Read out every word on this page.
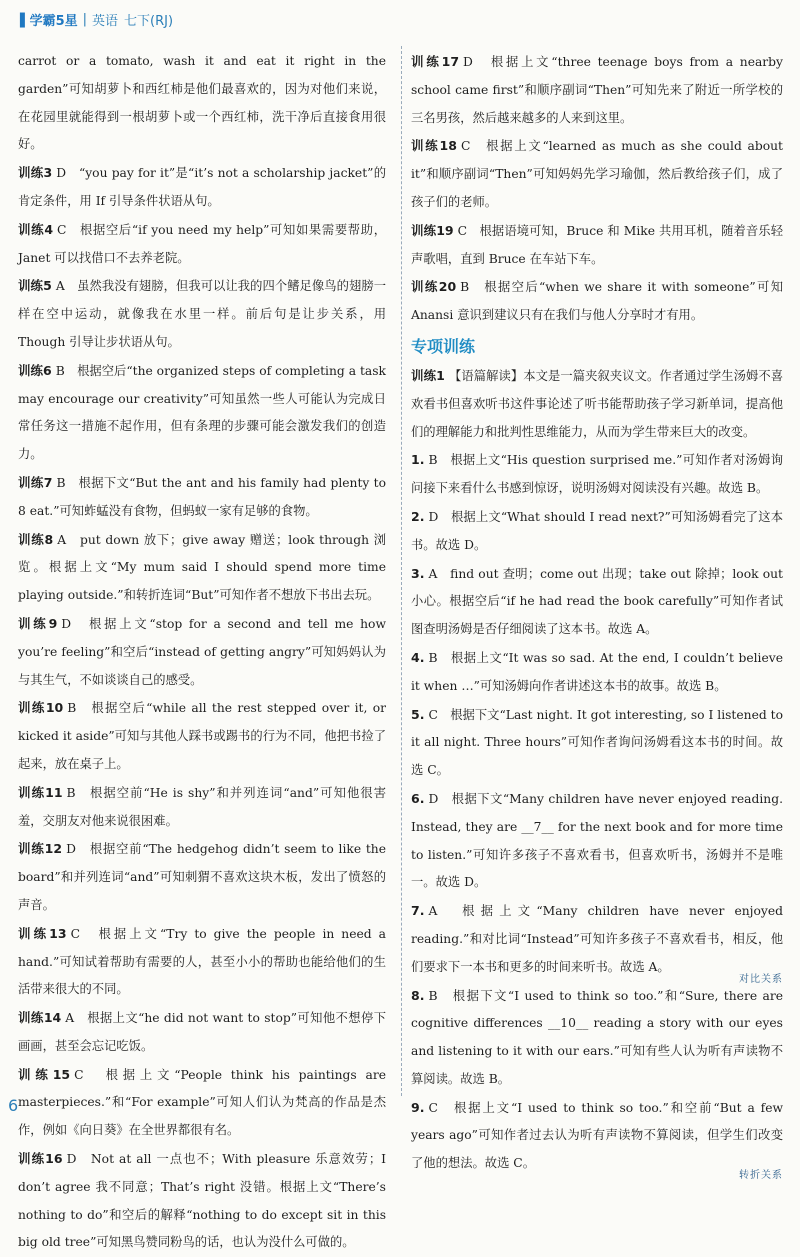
❚ 学霸5星 | 英语 七下(RJ)
carrot or a tomato, wash it and eat it right in the garden”可知胡萝卜和西红柿是他们最喜欢的，因为对他们来说，在花园里就能得到一根胡萝卜或一个西红柿，洗干净后直接食用很好。
训练3 D　“you pay for it”是“it’s not a scholarship jacket”的肯定条件，用 If 引导条件状语从句。
训练4 C　根据空后“if you need my help”可知如果需要帮助，Janet 可以找借口不去养老院。
训练5 A　虽然我没有翅膀，但我可以让我的四个鳍足像鸟的翅膀一样在空中运动，就像我在水里一样。前后句是让步关系，用 Though 引导让步状语从句。
训练6 B　根据空后“the organized steps of completing a task may encourage our creativity”可知虽然一些人可能认为完成日常任务这一措施不起作用，但有条理的步骤可能会激发我们的创造力。
训练7 B　根据下文“But the ant and his family had plenty to 8 eat.”可知蚱蜢没有食物，但蚂蚁一家有足够的食物。
训练8 A　put down 放下；give away 赠送；look through 浏览。根据上文“My mum said I should spend more time playing outside.”和转折连词“But”可知作者不想放下书出去玩。
训练9 D　根据上文“stop for a second and tell me how you’re feeling”和空后“instead of getting angry”可知妈妈认为与其生气，不如谈谈自己的感受。
训练10 B　根据空后“while all the rest stepped over it, or kicked it aside”可知与其他人踩书或踢书的行为不同，他把书捡了起来，放在桌子上。
训练11 B　根据空前“He is shy”和并列连词“and”可知他很害羞，交朋友对他来说很困难。
训练12 D　根据空前“The hedgehog didn’t seem to like the board”和并列连词“and”可知刺猬不喜欢这块木板，发出了愤怒的声音。
训练13 C　根据上文“Try to give the people in need a hand.”可知试着帮助有需要的人，甚至小小的帮助也能给他们的生活带来很大的不同。
训练14 A　根据上文“he did not want to stop”可知他不想停下画画，甚至会忘记吃饭。
训练15 C　根据上文“People think his paintings are masterpieces.”和“For example”可知人们认为梵高的作品是杰作，例如《向日葵》在全世界都很有名。
训练16 D　Not at all 一点也不；With pleasure 乐意效劳；I don’t agree 我不同意；That’s right 没错。根据上文“There’s nothing to do”和空后的解释“nothing to do except sit in this big old tree”可知黑鸟赞同粉鸟的话，也认为没什么可做的。
训练17 D　根据上文“three teenage boys from a nearby school came first”和顺序副词“Then”可知先来了附近一所学校的三名男孩，然后越来越多的人来到这里。
训练18 C　根据上文“learned as much as she could about it”和顺序副词“Then”可知妈妈先学习瑜伽，然后教给孩子们，成了孩子们的老师。
训练19 C　根据语境可知，Bruce 和 Mike 共用耳机，随着音乐轻声歌唱，直到 Bruce 在车站下车。
训练20 B　根据空后“when we share it with someone”可知 Anansi 意识到建议只有在我们与他人分享时才有用。
专项训练
训练1 【语篇解读】本文是一篇夹叙夹议文。作者通过学生汤姆不喜欢看书但喜欢听书这件事论述了听书能帮助孩子学习新单词，提高他们的理解能力和批判性思维能力，从而为学生带来巨大的改变。
1. B　根据上文“His question surprised me.”可知作者对汤姆询问接下来看什么书感到惊讶，说明汤姆对阅读没有兴趣。故选 B。
2. D　根据上文“What should I read next?”可知汤姆看完了这本书。故选 D。
3. A　find out 查明；come out 出现；take out 除掉；look out 小心。根据空后“if he had read the book carefully”可知作者试图查明汤姆是否仔细阅读了这本书。故选 A。
4. B　根据上文“It was so sad. At the end, I couldn’t believe it when …”可知汤姆向作者讲述这本书的故事。故选 B。
5. C　根据下文“Last night. It got interesting, so I listened to it all night. Three hours”可知作者询问汤姆看这本书的时间。故选 C。
6. D　根据下文“Many children have never enjoyed reading. Instead, they are __7__ for the next book and for more time to listen.”可知许多孩子不喜欢看书，但喜欢听书，汤姆并不是唯一。故选 D。
7. A　根据上文“Many children have never enjoyed reading.”和对比词“Instead”可知许多孩子不喜欢看书，相反，他们要求下一本书和更多的时间来听书。故选 A。
对比关系
8. B　根据下文“I used to think so too.”和“Sure, there are cognitive differences __10__ reading a story with our eyes and listening to it with our ears.”可知有些人认为听有声读物不算阅读。故选 B。
9. C　根据上文“I used to think so too.”和空前“But a few years ago”可知作者过去认为听有声读物不算阅读，但学生们改变了他的想法。故选 C。
转折关系
6
